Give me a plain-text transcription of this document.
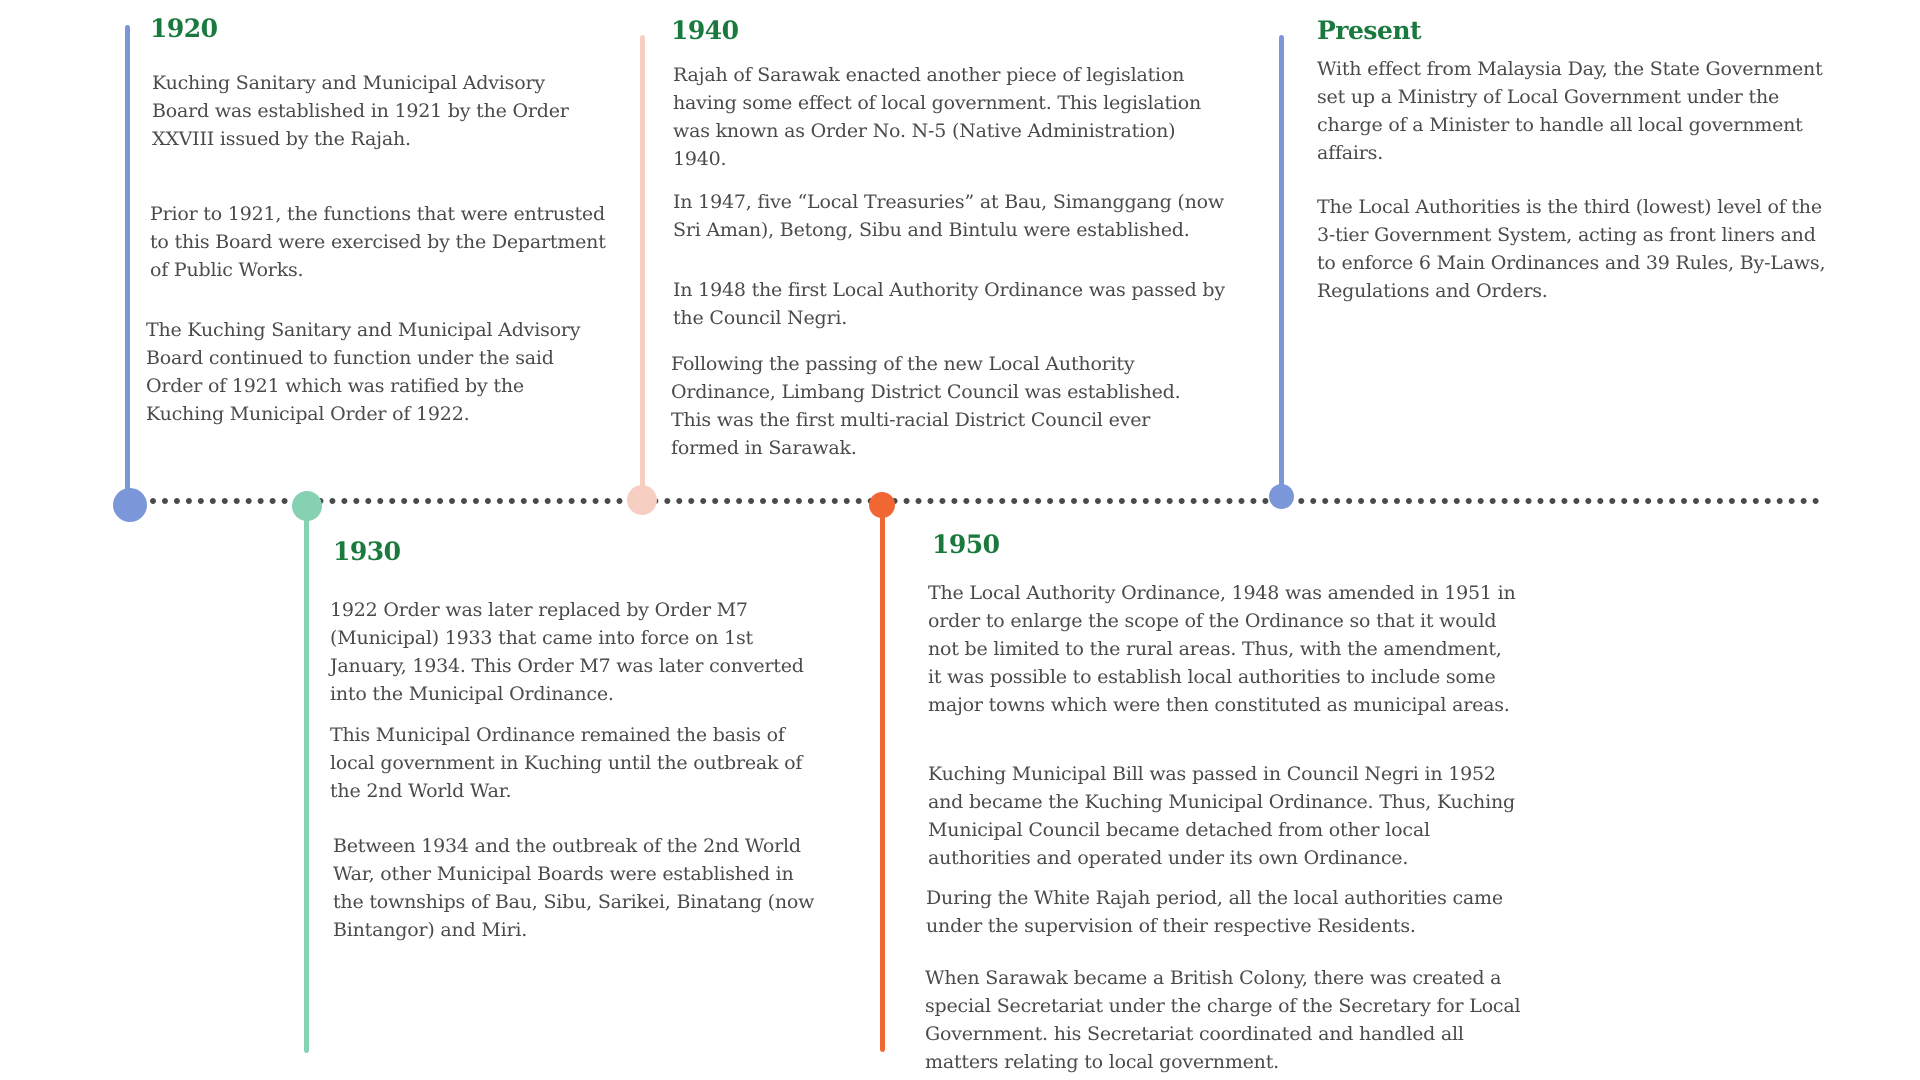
1920

Kuching Sanitary and Municipal Advisory Board was established in 1921 by the Order XXVIII issued by the Rajah.

Prior to 1921, the functions that were entrusted to this Board were exercised by the Department of Public Works.

The Kuching Sanitary and Municipal Advisory Board continued to function under the said Order of 1921 which was ratified by the Kuching Municipal Order of 1922.

1930

1922 Order was later replaced by Order M7 (Municipal) 1933 that came into force on 1st January, 1934. This Order M7 was later converted into the Municipal Ordinance.

This Municipal Ordinance remained the basis of local government in Kuching until the outbreak of the 2nd World War.

Between 1934 and the outbreak of the 2nd World War, other Municipal Boards were established in the townships of Bau, Sibu, Sarikei, Binatang (now Bintangor) and Miri.

1940

Rajah of Sarawak enacted another piece of legislation having some effect of local government. This legislation was known as Order No. N-5 (Native Administration) 1940.

In 1947, five “Local Treasuries” at Bau, Simanggang (now Sri Aman), Betong, Sibu and Bintulu were established.

In 1948 the first Local Authority Ordinance was passed by the Council Negri.

Following the passing of the new Local Authority Ordinance, Limbang District Council was established. This was the first multi-racial District Council ever formed in Sarawak.

1950

The Local Authority Ordinance, 1948 was amended in 1951 in order to enlarge the scope of the Ordinance so that it would not be limited to the rural areas. Thus, with the amendment, it was possible to establish local authorities to include some major towns which were then constituted as municipal areas.

Kuching Municipal Bill was passed in Council Negri in 1952 and became the Kuching Municipal Ordinance. Thus, Kuching Municipal Council became detached from other local authorities and operated under its own Ordinance.

During the White Rajah period, all the local authorities came under the supervision of their respective Residents.

When Sarawak became a British Colony, there was created a special Secretariat under the charge of the Secretary for Local Government. his Secretariat coordinated and handled all matters relating to local government.

Present

With effect from Malaysia Day, the State Government set up a Ministry of Local Government under the charge of a Minister to handle all local government affairs.

The Local Authorities is the third (lowest) level of the 3-tier Government System, acting as front liners and to enforce 6 Main Ordinances and 39 Rules, By-Laws, Regulations and Orders.
